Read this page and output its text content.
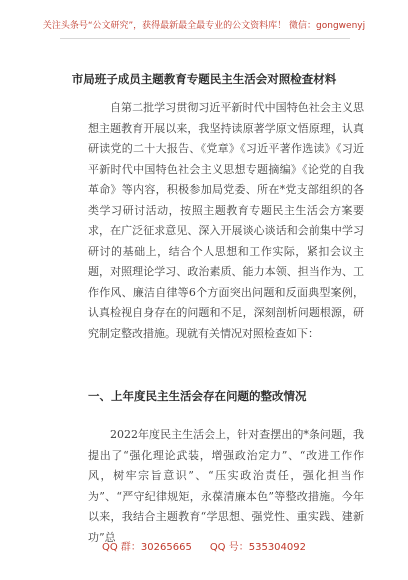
关注头条号“公文研究”，获得最新最全最专业的公文资料库！ 微信：gongwenyj
市局班子成员主题教育专题民主生活会对照检查材料
自第二批学习贯彻习近平新时代中国特色社会主义思想主题教育开展以来，我坚持读原著学原文悟原理，认真研读党的二十大报告、《党章》《习近平著作选读》《习近平新时代中国特色社会主义思想专题摘编》《论党的自我革命》等内容，积极参加局党委、所在*党支部组织的各类学习研讨活动，按照主题教育专题民主生活会方案要求，在广泛征求意见、深入开展谈心谈话和会前集中学习研讨的基础上，结合个人思想和工作实际，紧扣会议主题，对照理论学习、政治素质、能力本领、担当作为、工作作风、廉洁自律等6个方面突出问题和反面典型案例，认真检视自身存在的问题和不足，深刻剖析问题根源，研究制定整改措施。现就有关情况对照检查如下：
一、上年度民主生活会存在问题的整改情况
2022年度民主生活会上，针对查摆出的*条问题，我提出了“强化理论武装，增强政治定力”、“改进工作作风，树牢宗旨意识”、“压实政治责任，强化担当作为”、“严守纪律规矩，永葆清廉本色”等整改措施。今年以来，我结合主题教育“学思想、强党性、重实践、建新功”总
QQ 群：30265665 QQ 号：535304092
